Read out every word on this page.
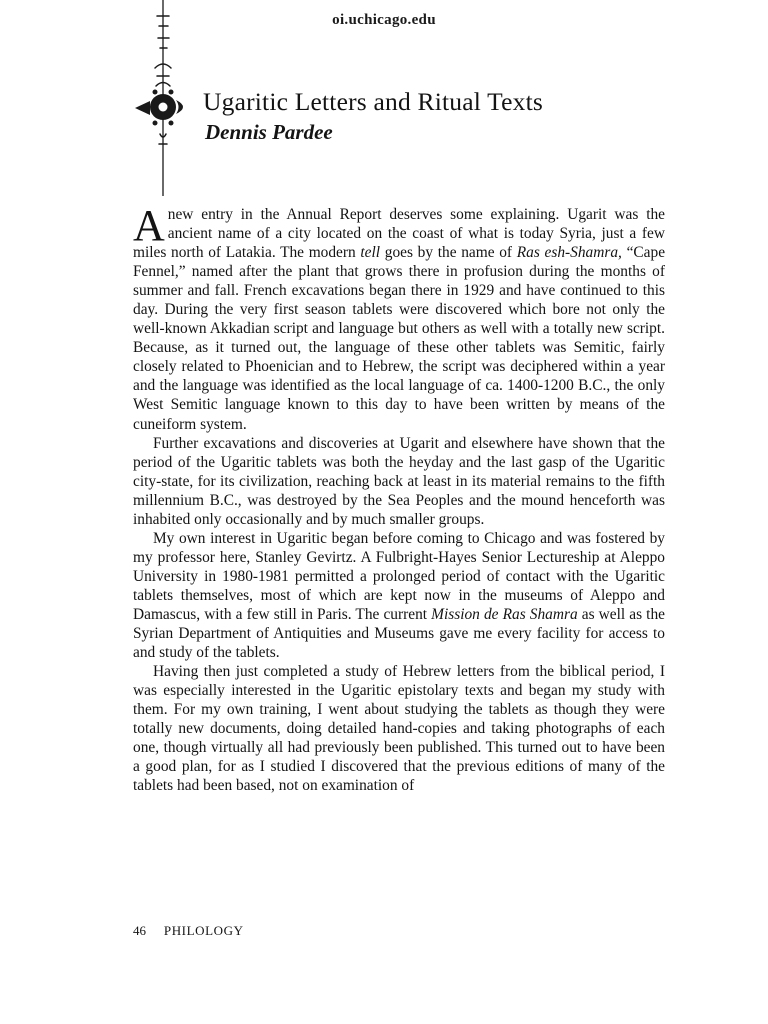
oi.uchicago.edu
Ugaritic Letters and Ritual Texts
Dennis Pardee

Anew entry in the Annual Report deserves some explaining. Ugarit was the ancient name of a city located on the coast of what is today Syria, just a few miles north of Latakia. The modern tell goes by the name of Ras esh-Shamra, “Cape Fennel,” named after the plant that grows there in profusion during the months of summer and fall. French excavations began there in 1929 and have continued to this day. During the very first season tablets were discovered which bore not only the well-known Akkadian script and language but others as well with a totally new script. Because, as it turned out, the language of these other tablets was Semitic, fairly closely related to Phoenician and to Hebrew, the script was deciphered within a year and the language was identified as the local language of ca. 1400-1200 B.C., the only West Semitic language known to this day to have been written by means of the cuneiform system.

Further excavations and discoveries at Ugarit and elsewhere have shown that the period of the Ugaritic tablets was both the heyday and the last gasp of the Ugaritic city-state, for its civilization, reaching back at least in its material remains to the fifth millennium B.C., was destroyed by the Sea Peoples and the mound henceforth was inhabited only occasionally and by much smaller groups.

My own interest in Ugaritic began before coming to Chicago and was fostered by my professor here, Stanley Gevirtz. A Fulbright-Hayes Senior Lectureship at Aleppo University in 1980-1981 permitted a prolonged period of contact with the Ugaritic tablets themselves, most of which are kept now in the museums of Aleppo and Damascus, with a few still in Paris. The current Mission de Ras Shamra as well as the Syrian Department of Antiquities and Museums gave me every facility for access to and study of the tablets.

Having then just completed a study of Hebrew letters from the biblical period, I was especially interested in the Ugaritic epistolary texts and began my study with them. For my own training, I went about studying the tablets as though they were totally new documents, doing detailed hand-copies and taking photographs of each one, though virtually all had previously been published. This turned out to have been a good plan, for as I studied I discovered that the previous editions of many of the tablets had been based, not on examination of

46 PHILOLOGY
